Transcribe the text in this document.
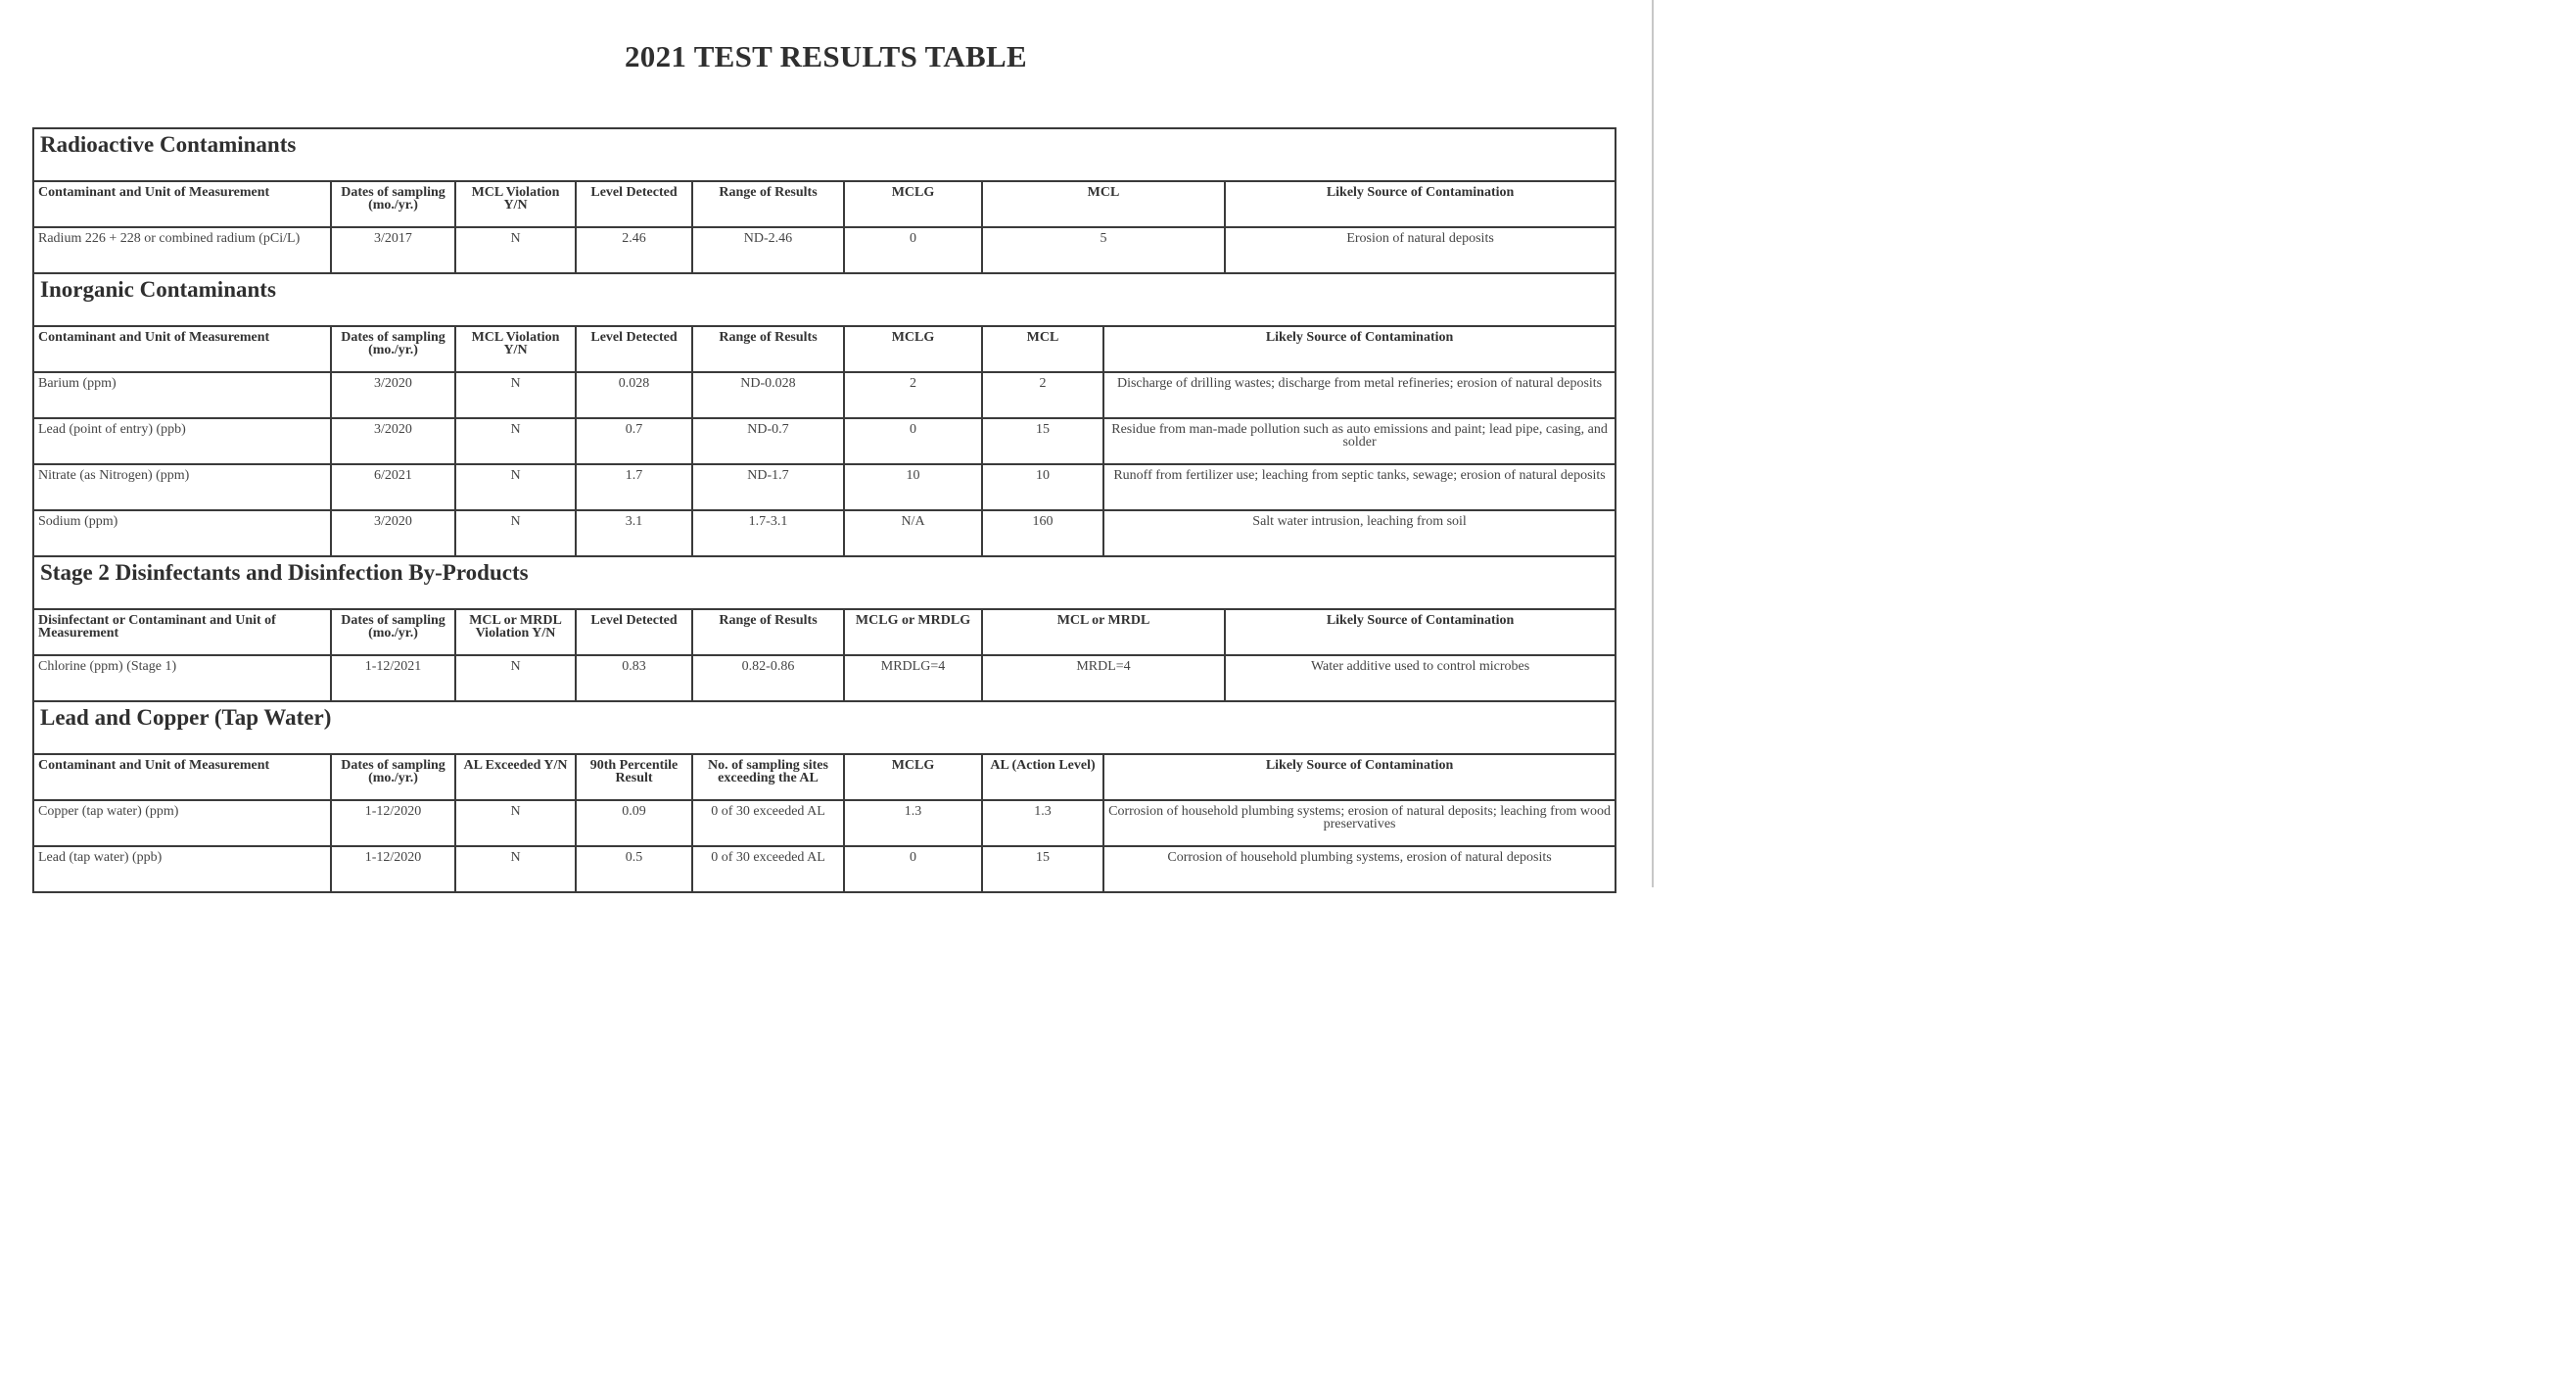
2021 TEST RESULTS TABLE
Radioactive Contaminants								
Contaminant and Unit of Measurement	Dates of sampling (mo./yr.)	MCL Violation Y/N	Level Detected	Range of Results	MCLG	MCL		Likely Source of Contamination
Radium 226 + 228 or combined radium (pCi/L)	3/2017	N	2.46	ND-2.46	0	5		Erosion of natural deposits
Inorganic Contaminants								
Contaminant and Unit of Measurement	Dates of sampling (mo./yr.)	MCL Violation Y/N	Level Detected	Range of Results	MCLG	MCL	Likely Source of Contamination	
Barium (ppm)	3/2020	N	0.028	ND-0.028	2	2	Discharge of drilling wastes; discharge from metal refineries; erosion of natural deposits	
Lead (point of entry) (ppb)	3/2020	N	0.7	ND-0.7	0	15	Residue from man-made pollution such as auto emissions and paint; lead pipe, casing, and solder	
Nitrate (as Nitrogen) (ppm)	6/2021	N	1.7	ND-1.7	10	10	Runoff from fertilizer use; leaching from septic tanks, sewage; erosion of natural deposits	
Sodium (ppm)	3/2020	N	3.1	1.7-3.1	N/A	160	Salt water intrusion, leaching from soil	
Stage 2 Disinfectants and Disinfection By-Products								
Disinfectant or Contaminant and Unit of Measurement	Dates of sampling (mo./yr.)	MCL or MRDL Violation Y/N	Level Detected	Range of Results	MCLG or MRDLG	MCL or MRDL		Likely Source of Contamination
Chlorine (ppm) (Stage 1)	1-12/2021	N	0.83	0.82-0.86	MRDLG=4	MRDL=4		Water additive used to control microbes
Lead and Copper (Tap Water)								
Contaminant and Unit of Measurement	Dates of sampling (mo./yr.)	AL Exceeded Y/N	90th Percentile Result	No. of sampling sites exceeding the AL	MCLG	AL (Action Level)	Likely Source of Contamination	
Copper (tap water) (ppm)	1-12/2020	N	0.09	0 of 30 exceeded AL	1.3	1.3	Corrosion of household plumbing systems; erosion of natural deposits; leaching from wood preservatives	
Lead (tap water) (ppb)	1-12/2020	N	0.5	0 of 30 exceeded AL	0	15	Corrosion of household plumbing systems, erosion of natural deposits	
